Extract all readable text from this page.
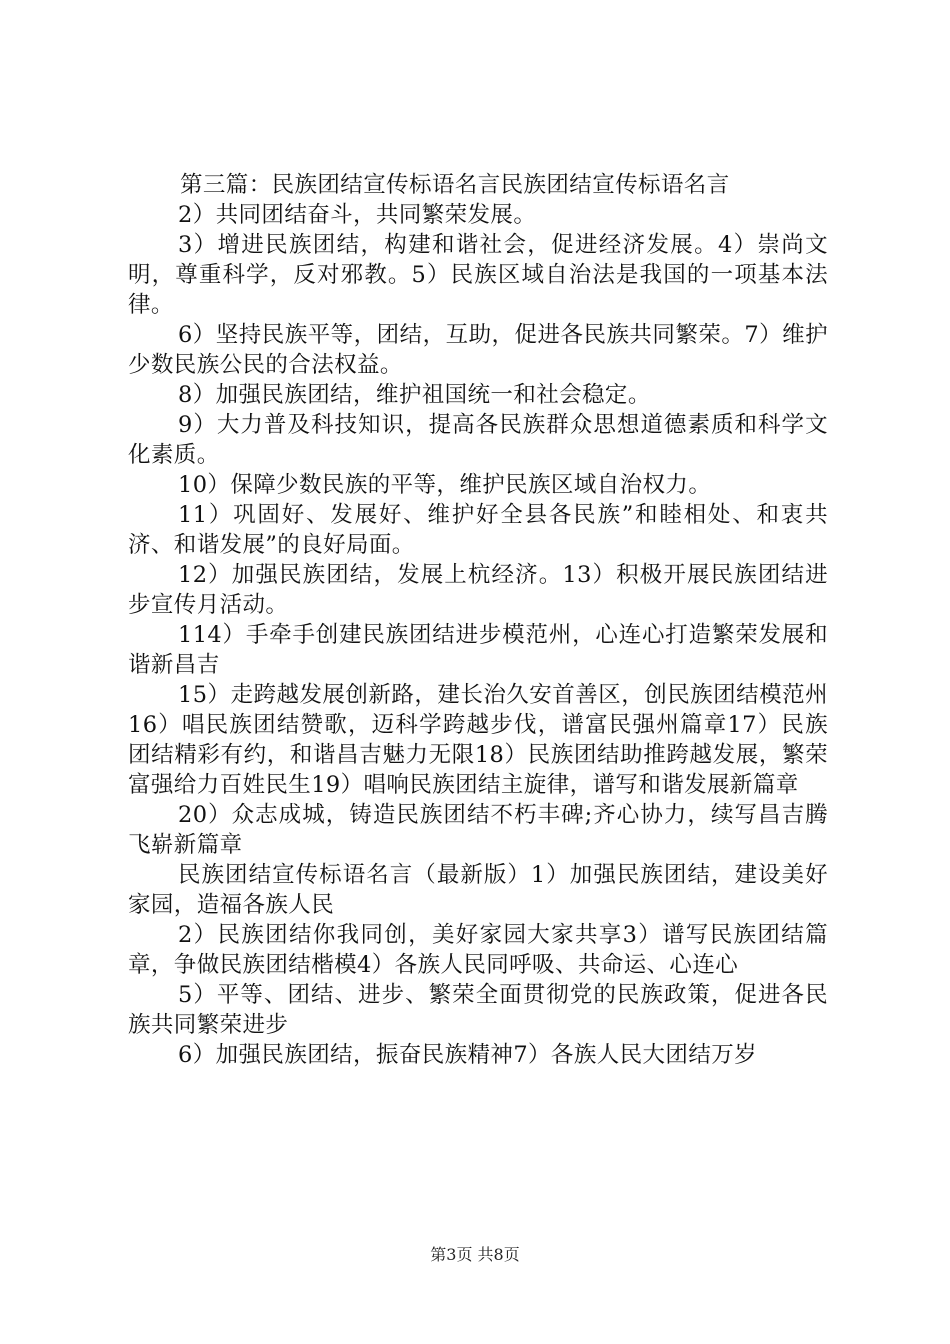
第三篇：民族团结宣传标语名言民族团结宣传标语名言

2）共同团结奋斗，共同繁荣发展。

3）增进民族团结，构建和谐社会，促进经济发展。4）崇尚文明，尊重科学，反对邪教。5）民族区域自治法是我国的一项基本法律。

6）坚持民族平等，团结，互助，促进各民族共同繁荣。7）维护少数民族公民的合法权益。

8）加强民族团结，维护祖国统一和社会稳定。

9）大力普及科技知识，提高各民族群众思想道德素质和科学文化素质。

10）保障少数民族的平等，维护民族区域自治权力。

11）巩固好、发展好、维护好全县各民族”和睦相处、和衷共济、和谐发展”的良好局面。

12）加强民族团结，发展上杭经济。13）积极开展民族团结进步宣传月活动。

114）手牵手创建民族团结进步模范州，心连心打造繁荣发展和谐新昌吉

15）走跨越发展创新路，建长治久安首善区，创民族团结模范州16）唱民族团结赞歌，迈科学跨越步伐，谱富民强州篇章17）民族团结精彩有约，和谐昌吉魅力无限18）民族团结助推跨越发展，繁荣富强给力百姓民生19）唱响民族团结主旋律，谱写和谐发展新篇章

20）众志成城，铸造民族团结不朽丰碑;齐心协力，续写昌吉腾飞崭新篇章

民族团结宣传标语名言（最新版）1）加强民族团结，建设美好家园，造福各族人民

2）民族团结你我同创，美好家园大家共享3）谱写民族团结篇章，争做民族团结楷模4）各族人民同呼吸、共命运、心连心

5）平等、团结、进步、繁荣全面贯彻党的民族政策，促进各民族共同繁荣进步

6）加强民族团结，振奋民族精神7）各族人民大团结万岁

第3页 共8页
